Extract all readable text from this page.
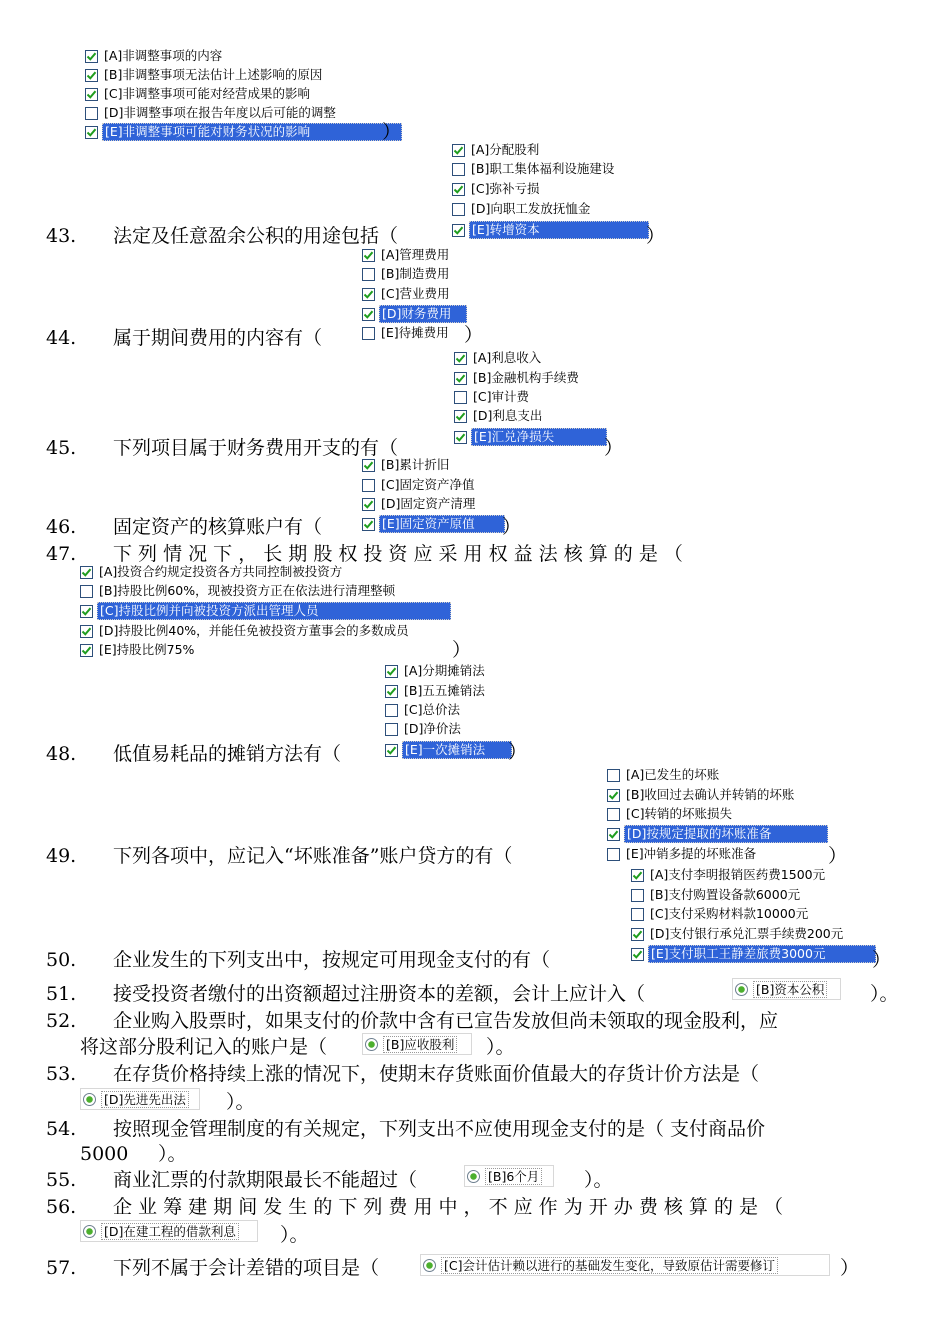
[A]非调整事项的内容
[B]非调整事项无法估计上述影响的原因
[C]非调整事项可能对经营成果的影响
[D]非调整事项在报告年度以后可能的调整
[E]非调整事项可能对财务状况的影响	）
[A]分配股利
[B]职工集体福利设施建设
[C]弥补亏损
[D]向职工发放抚恤金
[E]转增资本
43. 法定及任意盈余公积的用途包括（	）
[A]管理费用
[B]制造费用
[C]营业费用
[D]财务费用
[E]待摊费用
44. 属于期间费用的内容有（	）
[A]利息收入
[B]金融机构手续费
[C]审计费
[D]利息支出
[E]汇兑净损失
45. 下列项目属于财务费用开支的有（	）
[B]累计折旧
[C]固定资产净值
[D]固定资产清理
[E]固定资产原值
46. 固定资产的核算账户有（	）
47. 下 列 情 况 下 ， 长 期 股 权 投 资 应 采 用 权 益 法 核 算 的 是 （
[A]投资合约规定投资各方共同控制被投资方
[B]持股比例60%，现被投资方正在依法进行清理整顿
[C]持股比例并向被投资方派出管理人员
[D]持股比例40%，并能任免被投资方董事会的多数成员
[E]持股比例75%	）
[A]分期摊销法
[B]五五摊销法
[C]总价法
[D]净价法
[E]一次摊销法
48. 低值易耗品的摊销方法有（	）
[A]已发生的坏账
[B]收回过去确认并转销的坏账
[C]转销的坏账损失
[D]按规定提取的坏账准备
[E]冲销多提的坏账准备
49. 下列各项中，应记入“坏账准备”账户贷方的有（	）
[A]支付李明报销医药费1500元
[B]支付购置设备款6000元
[C]支付采购材料款10000元
[D]支付银行承兑汇票手续费200元
[E]支付职工王静差旅费3000元
50. 企业发生的下列支出中，按规定可用现金支付的有（	）
51. 接受投资者缴付的出资额超过注册资本的差额，会计上应计入（	[B]资本公积 ）。
52. 企业购入股票时，如果支付的价款中含有已宣告发放但尚未领取的现金股利，应
将这部分股利记入的账户是（	[B]应收股利 ）。
53. 在存货价格持续上涨的情况下，使期末存货账面价值最大的存货计价方法是（
[D]先进先出法 ）。
54. 按照现金管理制度的有关规定，下列支出不应使用现金支付的是（ 支付商品价
5000 ）。
55. 商业汇票的付款期限最长不能超过（	[B]6个月 ）。
56. 企 业 筹 建 期 间 发 生 的 下 列 费 用 中 ， 不 应 作 为 开 办 费 核 算 的 是 （
[D]在建工程的借款利息 ）。
57. 下列不属于会计差错的项目是（	[C]会计估计赖以进行的基础发生变化，导致原估计需要修订	）
